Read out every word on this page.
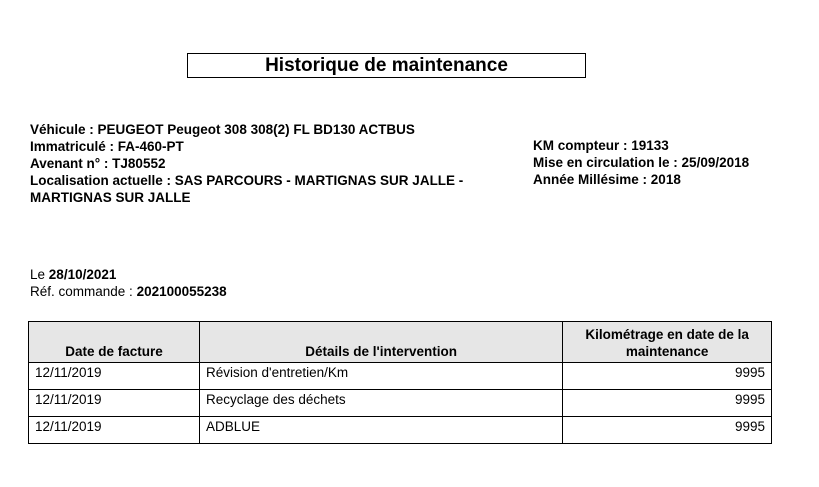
Historique de maintenance
Véhicule : PEUGEOT Peugeot 308 308(2) FL BD130 ACTBUS
Immatriculé : FA-460-PT
Avenant n° : TJ80552
Localisation actuelle : SAS PARCOURS - MARTIGNAS SUR JALLE - MARTIGNAS SUR JALLE
KM compteur : 19133
Mise en circulation le : 25/09/2018
Année Millésime : 2018
Le 28/10/2021
Réf. commande : 202100055238
Date de facture	Détails de l'intervention	Kilométrage en date de la maintenance
12/11/2019	Révision d'entretien/Km	9995
12/11/2019	Recyclage des déchets	9995
12/11/2019	ADBLUE	9995
